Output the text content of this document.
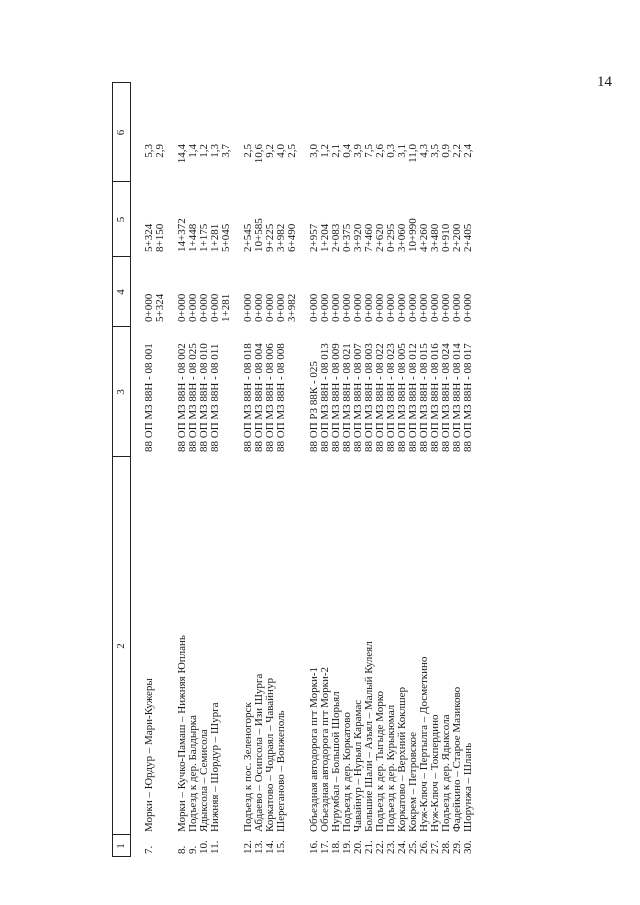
14
1
2
3
4
5
6
7.
Морки – Юрдур – Мари-Кужеры
88 ОП МЗ 88Н - 08 001
0+000
5+324
5,3
5+324
8+150
2,9
8.
Морки – Кучко-Памаш – Нижняя Юплань
88 ОП МЗ 88Н - 08 002
0+000
14+372
14,4
9.
Подъезд к дер. Балдырка
88 ОП МЗ 88Н - 08 025
0+000
1+448
1,4
10.
Ядыксола – Семисола
88 ОП МЗ 88Н - 08 010
0+000
1+175
1,2
11.
Нижняя – Шордур – Шурга
88 ОП МЗ 88Н - 08 011
0+000
1+281
1,3
1+281
5+045
3,7
12.
Подъезд к пос. Зеленогорск
88 ОП МЗ 88Н - 08 018
0+000
2+545
2,5
13.
Абдаево – Осипсола – Изи Шурга
88 ОП МЗ 88Н - 08 004
0+000
10+585
10,6
14.
Коркатово – Чодраял – Чавайнур
88 ОП МЗ 88Н - 08 006
0+000
9+225
9,2
15.
Шереганово – Вонжеполь
88 ОП МЗ 88Н - 08 008
0+000
3+982
4,0
3+982
6+490
2,5
16.
Объездная автодорога пгт Морки-1
88 ОП РЗ 88К - 025
0+000
2+957
3,0
17.
Объездная автодорога пгт Морки-2
88 ОП МЗ 88Н - 08 013
0+000
1+204
1,2
18.
Нурумбал – Большой Шорьял
88 ОП МЗ 88Н - 08 009
0+000
2+083
2,1
19.
Подъезд к дер. Коркатово
88 ОП МЗ 88Н - 08 021
0+000
0+375
0,4
20.
Чавайнур – Нурьял Карамас
88 ОП МЗ 88Н - 08 007
0+000
3+920
3,9
21.
Большие Шали – Азъял – Малый Кулеял
88 ОП МЗ 88Н - 08 003
0+000
7+460
7,5
22.
Подъезд к дер. Тыгыде Морко
88 ОП МЗ 88Н - 08 022
0+000
2+620
2,6
23.
Подъезд к дер. Курыкюмал
88 ОП МЗ 88Н - 08 023
0+000
0+295
0,3
24.
Коркатово – Верхний Коклшер
88 ОП МЗ 88Н - 08 005
0+000
3+060
3,1
25.
Кокрем – Петровское
88 ОП МЗ 88Н - 08 012
0+000
10+990
11,0
26.
Нуж-Ключ – Пертылга – Досметкино
88 ОП МЗ 88Н - 08 015
0+000
4+260
4,3
27.
Нуж-Ключ – Токпердино
88 ОП МЗ 88Н - 08 016
0+000
3+480
3,5
28.
Подъезд к дер. Ядыксола
88 ОП МЗ 88Н - 08 024
0+000
0+910
0,9
29.
Фадейкино – Старое Мазиково
88 ОП МЗ 88Н - 08 014
0+000
2+200
2,2
30.
Шорунжа – Шлань
88 ОП МЗ 88Н - 08 017
0+000
2+405
2,4
